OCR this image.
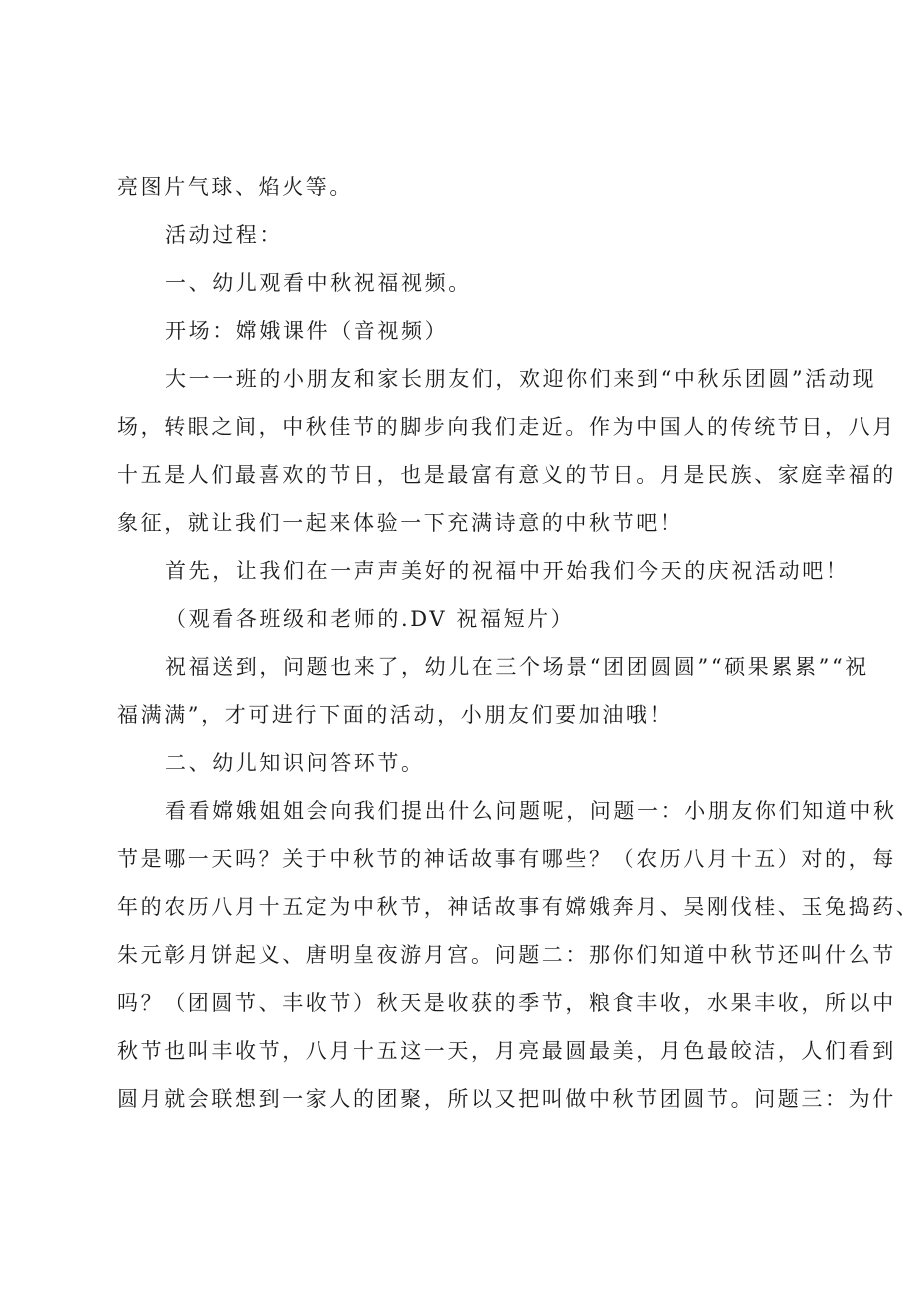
亮图片气球、焰火等。

活动过程：

一、幼儿观看中秋祝福视频。

开场：嫦娥课件（音视频）

大一一班的小朋友和家长朋友们，欢迎你们来到“中秋乐团圆”活动现
场，转眼之间，中秋佳节的脚步向我们走近。作为中国人的传统节日，八月
十五是人们最喜欢的节日，也是最富有意义的节日。月是民族、家庭幸福的
象征，就让我们一起来体验一下充满诗意的中秋节吧！

首先，让我们在一声声美好的祝福中开始我们今天的庆祝活动吧！

（观看各班级和老师的.DV 祝福短片）

祝福送到，问题也来了，幼儿在三个场景“团团圆圆”“硕果累累”“祝
福满满”，才可进行下面的活动，小朋友们要加油哦！

二、幼儿知识问答环节。

看看嫦娥姐姐会向我们提出什么问题呢，问题一：小朋友你们知道中秋
节是哪一天吗？关于中秋节的神话故事有哪些？（农历八月十五）对的，每
年的农历八月十五定为中秋节，神话故事有嫦娥奔月、吴刚伐桂、玉兔捣药、
朱元彰月饼起义、唐明皇夜游月宫。问题二：那你们知道中秋节还叫什么节
吗？（团圆节、丰收节）秋天是收获的季节，粮食丰收，水果丰收，所以中
秋节也叫丰收节，八月十五这一天，月亮最圆最美，月色最皎洁，人们看到
圆月就会联想到一家人的团聚，所以又把叫做中秋节团圆节。问题三：为什
